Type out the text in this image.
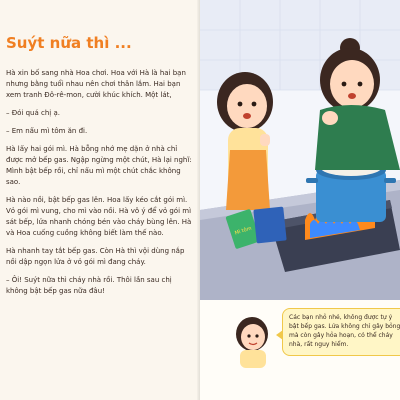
Suýt nữa thì ...

Hà xin bố sang nhà Hoa chơi. Hoa với Hà là hai bạn nhưng bằng tuổi nhau nên chơi thân lắm. Hai bạn xem tranh Đô-rê-mon, cười khúc khích. Một lát,

– Đói quá chị ạ.

– Em nấu mì tôm ăn đi.

Hà lấy hai gói mì. Hà bỗng nhớ mẹ dặn ở nhà chỉ được mở bếp gas. Ngập ngừng một chút, Hà lại nghĩ: Mình bật bếp rồi, chỉ nấu mì một chút chắc không sao.

Hà nào nồi, bật bếp gas lên. Hoa lấy kéo cắt gói mì. Vỏ gói mì vung, cho mì vào nồi. Hà vô ý để vỏ gói mì sát bếp, lửa nhanh chóng bén vào cháy bùng lên. Hà và Hoa cuống cuồng không biết làm thế nào.

Hà nhanh tay tắt bếp gas. Còn Hà thì vội dùng nắp nồi dập ngọn lửa ở vỏ gói mì đang cháy.

– Ôi! Suýt nữa thì cháy nhà rồi. Thôi lần sau chị không bật bếp gas nữa đâu!

Mì tôm

Các bạn nhỏ nhé, không được tự ý bật bếp gas. Lửa không chỉ gây bỏng mà còn gây hỏa hoạn, có thể cháy nhà, rất nguy hiểm.
